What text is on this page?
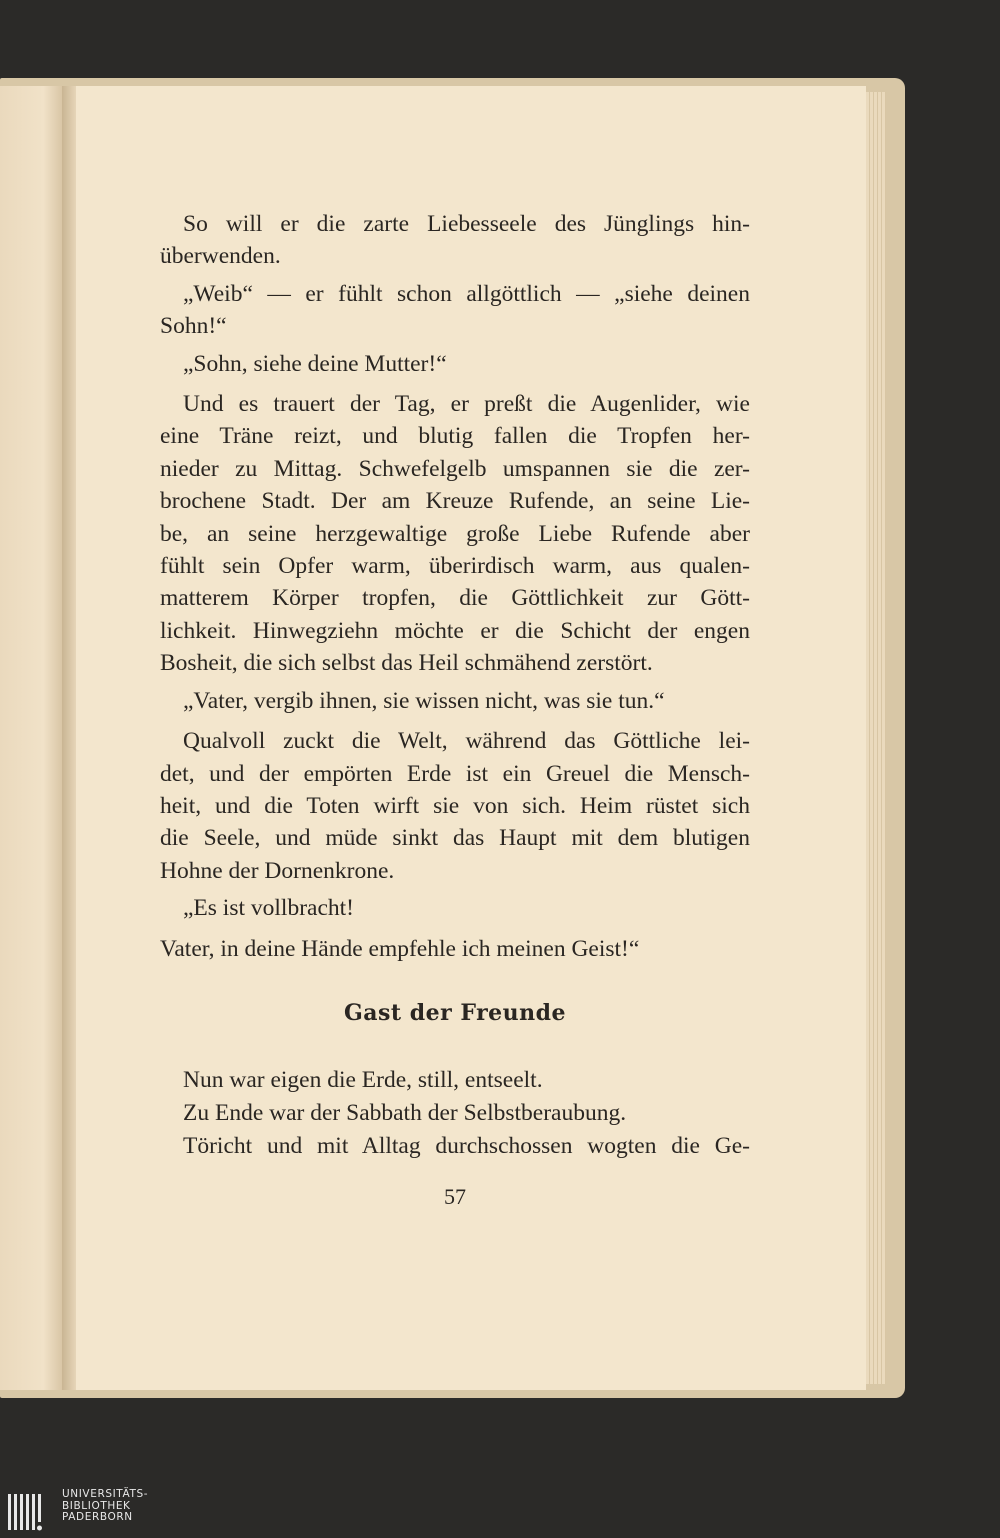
So will er die zarte Liebesseele des Jünglings hin-
überwenden.
„Weib“ — er fühlt schon allgöttlich — „siehe deinen
Sohn!“
„Sohn, siehe deine Mutter!“
Und es trauert der Tag, er preßt die Augenlider, wie
eine Träne reizt, und blutig fallen die Tropfen her-
nieder zu Mittag. Schwefelgelb umspannen sie die zer-
brochene Stadt. Der am Kreuze Rufende, an seine Lie-
be, an seine herzgewaltige große Liebe Rufende aber
fühlt sein Opfer warm, überirdisch warm, aus qualen-
matterem Körper tropfen, die Göttlichkeit zur Gött-
lichkeit. Hinwegziehn möchte er die Schicht der engen
Bosheit, die sich selbst das Heil schmähend zerstört.
„Vater, vergib ihnen, sie wissen nicht, was sie tun.“
Qualvoll zuckt die Welt, während das Göttliche lei-
det, und der empörten Erde ist ein Greuel die Mensch-
heit, und die Toten wirft sie von sich. Heim rüstet sich
die Seele, und müde sinkt das Haupt mit dem blutigen
Hohne der Dornenkrone.
„Es ist vollbracht!
Vater, in deine Hände empfehle ich meinen Geist!“
Gast der Freunde
Nun war eigen die Erde, still, entseelt.
Zu Ende war der Sabbath der Selbstberaubung.
Töricht und mit Alltag durchschossen wogten die Ge-
57
UNIVERSITÄTS-
BIBLIOTHEK
PADERBORN
